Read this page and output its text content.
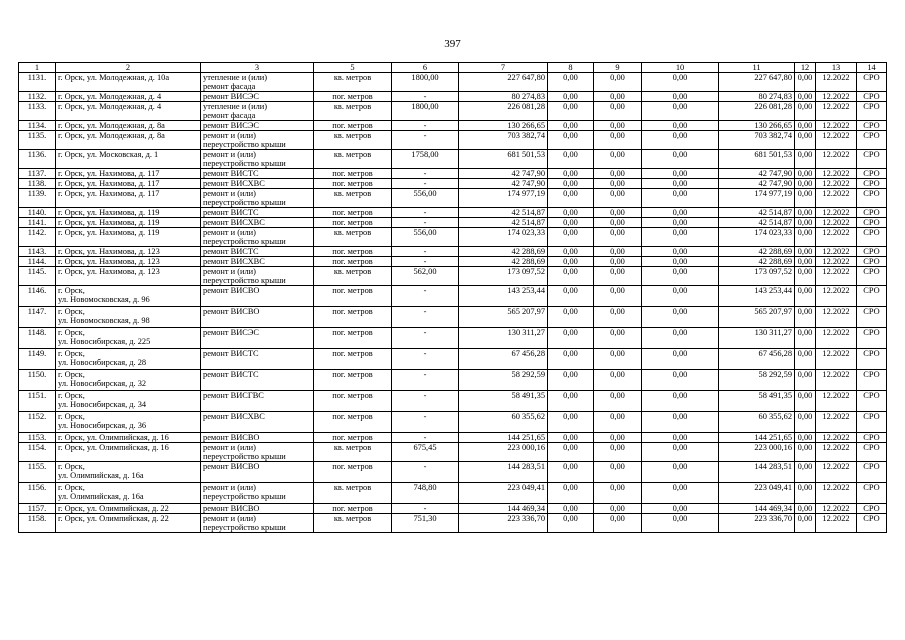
397
1	2	3	5	6	7	8	9	10	11	12	13	14
1131.	г. Орск, ул. Молодежная, д. 10а	утепление и (или)
ремонт фасада	кв. метров	1800,00	227 647,80	0,00	0,00	0,00	227 647,80	0,00	12.2022	СРО
1132.	г. Орск, ул. Молодежная, д. 4	ремонт ВИСЭС	пог. метров	-	80 274,83	0,00	0,00	0,00	80 274,83	0,00	12.2022	СРО
1133.	г. Орск, ул. Молодежная, д. 4	утепление и (или)
ремонт фасада	кв. метров	1800,00	226 081,28	0,00	0,00	0,00	226 081,28	0,00	12.2022	СРО
1134.	г. Орск, ул. Молодежная, д. 8а	ремонт ВИСЭС	пог. метров	-	130 266,65	0,00	0,00	0,00	130 266,65	0,00	12.2022	СРО
1135.	г. Орск, ул. Молодежная, д. 8а	ремонт и (или)
переустройство крыши	кв. метров	-	703 382,74	0,00	0,00	0,00	703 382,74	0,00	12.2022	СРО
1136.	г. Орск, ул. Московская, д. 1	ремонт и (или)
переустройство крыши	кв. метров	1758,00	681 501,53	0,00	0,00	0,00	681 501,53	0,00	12.2022	СРО
1137.	г. Орск, ул. Нахимова, д. 117	ремонт ВИСТС	пог. метров	-	42 747,90	0,00	0,00	0,00	42 747,90	0,00	12.2022	СРО
1138.	г. Орск, ул. Нахимова, д. 117	ремонт ВИСХВС	пог. метров	-	42 747,90	0,00	0,00	0,00	42 747,90	0,00	12.2022	СРО
1139.	г. Орск, ул. Нахимова, д. 117	ремонт и (или)
переустройство крыши	кв. метров	556,00	174 977,19	0,00	0,00	0,00	174 977,19	0,00	12.2022	СРО
1140.	г. Орск, ул. Нахимова, д. 119	ремонт ВИСТС	пог. метров	-	42 514,87	0,00	0,00	0,00	42 514,87	0,00	12.2022	СРО
1141.	г. Орск, ул. Нахимова, д. 119	ремонт ВИСХВС	пог. метров	-	42 514,87	0,00	0,00	0,00	42 514,87	0,00	12.2022	СРО
1142.	г. Орск, ул. Нахимова, д. 119	ремонт и (или)
переустройство крыши	кв. метров	556,00	174 023,33	0,00	0,00	0,00	174 023,33	0,00	12.2022	СРО
1143.	г. Орск, ул. Нахимова, д. 123	ремонт ВИСТС	пог. метров	-	42 288,69	0,00	0,00	0,00	42 288,69	0,00	12.2022	СРО
1144.	г. Орск, ул. Нахимова, д. 123	ремонт ВИСХВС	пог. метров	-	42 288,69	0,00	0,00	0,00	42 288,69	0,00	12.2022	СРО
1145.	г. Орск, ул. Нахимова, д. 123	ремонт и (или)
переустройство крыши	кв. метров	562,00	173 097,52	0,00	0,00	0,00	173 097,52	0,00	12.2022	СРО
1146.	г. Орск,
ул. Новомосковская, д. 96	ремонт ВИСВО	пог. метров	-	143 253,44	0,00	0,00	0,00	143 253,44	0,00	12.2022	СРО
1147.	г. Орск,
ул. Новомосковская, д. 98	ремонт ВИСВО	пог. метров	-	565 207,97	0,00	0,00	0,00	565 207,97	0,00	12.2022	СРО
1148.	г. Орск,
ул. Новосибирская, д. 225	ремонт ВИСЭС	пог. метров	-	130 311,27	0,00	0,00	0,00	130 311,27	0,00	12.2022	СРО
1149.	г. Орск,
ул. Новосибирская, д. 28	ремонт ВИСТС	пог. метров	-	67 456,28	0,00	0,00	0,00	67 456,28	0,00	12.2022	СРО
1150.	г. Орск,
ул. Новосибирская, д. 32	ремонт ВИСТС	пог. метров	-	58 292,59	0,00	0,00	0,00	58 292,59	0,00	12.2022	СРО
1151.	г. Орск,
ул. Новосибирская, д. 34	ремонт ВИСГВС	пог. метров	-	58 491,35	0,00	0,00	0,00	58 491,35	0,00	12.2022	СРО
1152.	г. Орск,
ул. Новосибирская, д. 36	ремонт ВИСХВС	пог. метров	-	60 355,62	0,00	0,00	0,00	60 355,62	0,00	12.2022	СРО
1153.	г. Орск, ул. Олимпийская, д. 16	ремонт ВИСВО	пог. метров	-	144 251,65	0,00	0,00	0,00	144 251,65	0,00	12.2022	СРО
1154.	г. Орск, ул. Олимпийская, д. 16	ремонт и (или)
переустройство крыши	кв. метров	675,45	223 000,16	0,00	0,00	0,00	223 000,16	0,00	12.2022	СРО
1155.	г. Орск,
ул. Олимпийская, д. 16а	ремонт ВИСВО	пог. метров	-	144 283,51	0,00	0,00	0,00	144 283,51	0,00	12.2022	СРО
1156.	г. Орск,
ул. Олимпийская, д. 16а	ремонт и (или)
переустройство крыши	кв. метров	748,80	223 049,41	0,00	0,00	0,00	223 049,41	0,00	12.2022	СРО
1157.	г. Орск, ул. Олимпийская, д. 22	ремонт ВИСВО	пог. метров	-	144 469,34	0,00	0,00	0,00	144 469,34	0,00	12.2022	СРО
1158.	г. Орск, ул. Олимпийская, д. 22	ремонт и (или)
переустройство крыши	кв. метров	751,30	223 336,70	0,00	0,00	0,00	223 336,70	0,00	12.2022	СРО
